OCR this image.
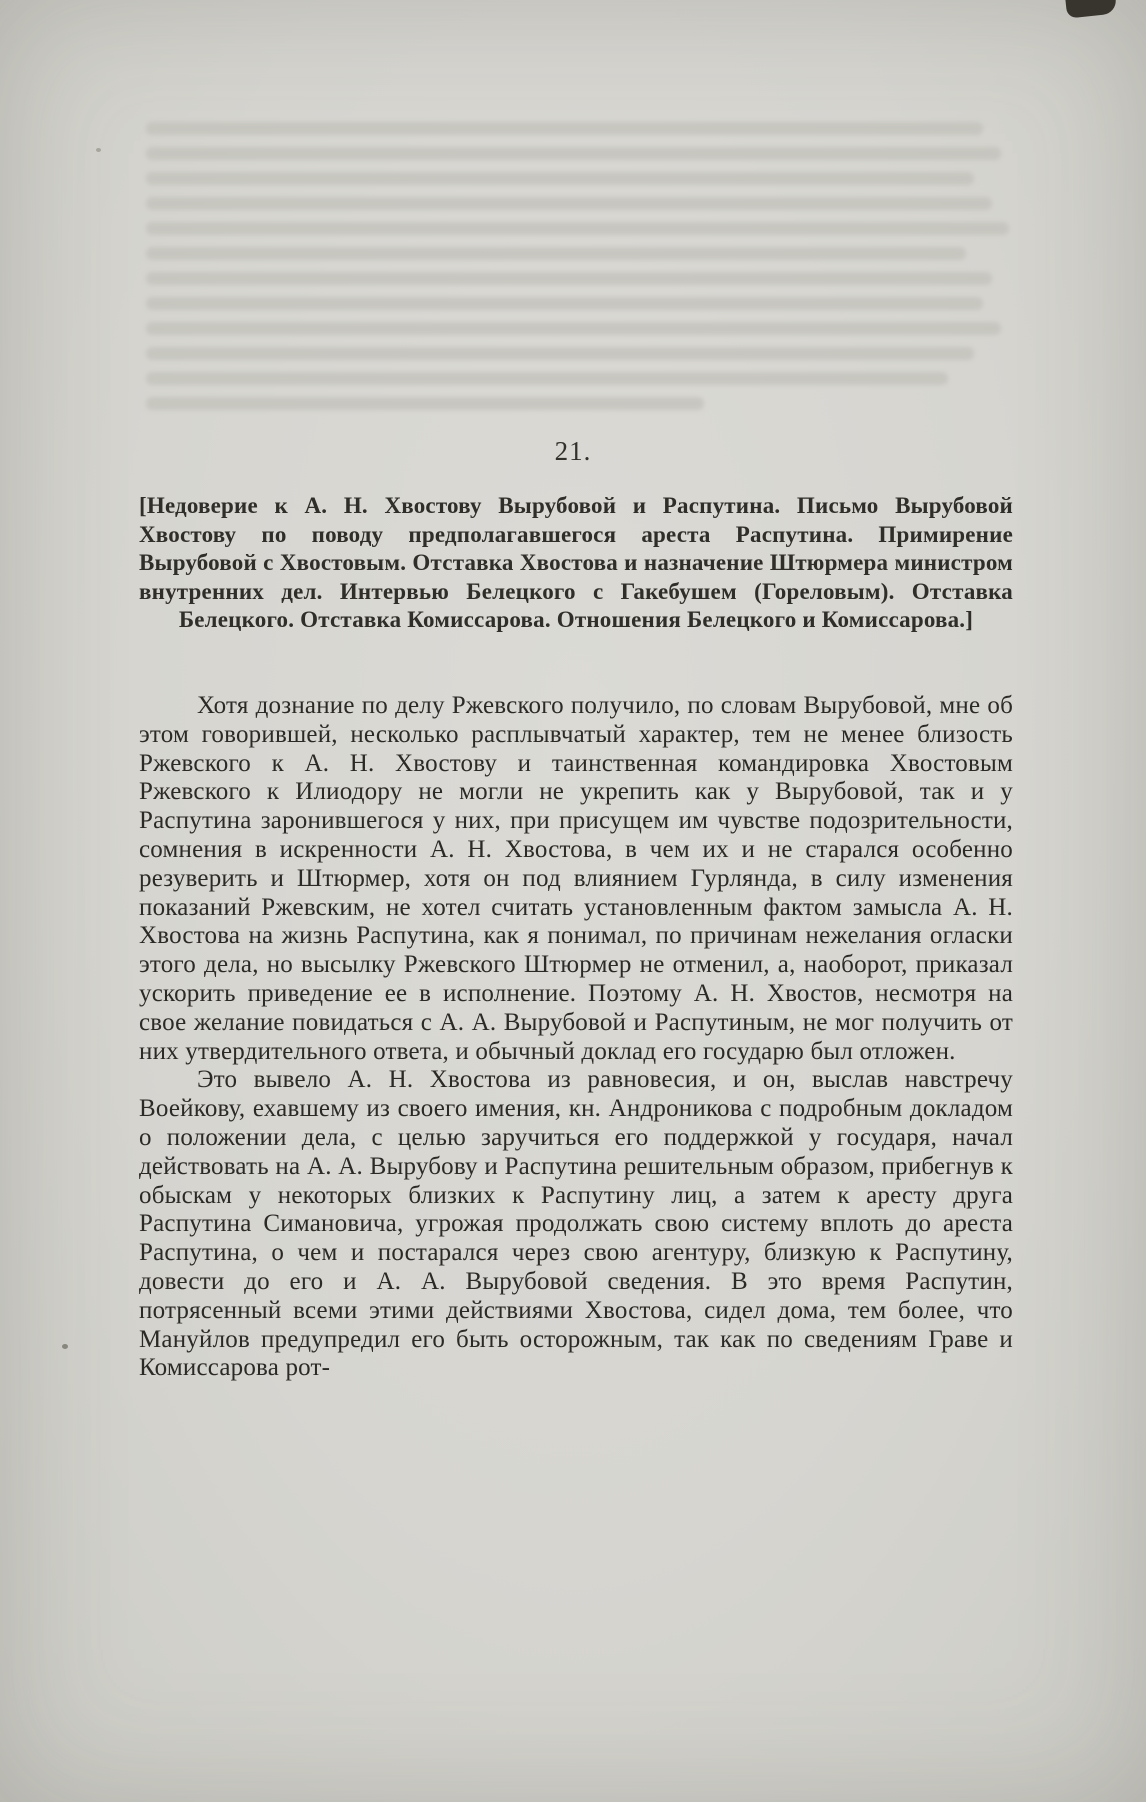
21.
[Недоверие к А. Н. Хвостову Вырубовой и Распутина. Письмо Вырубовой Хвостову по поводу предполагавшегося ареста Распутина. Примирение Вырубовой с Хвостовым. Отставка Хвостова и назначение Штюрмера министром внутренних дел. Интервью Белецкого с Гакебушем (Гореловым). Отставка Белецкого. Отставка Комиссарова. Отношения Белецкого и Комиссарова.]

Хотя дознание по делу Ржевского получило, по словам Вырубовой, мне об этом говорившей, несколько расплывчатый характер, тем не менее близость Ржевского к А. Н. Хвостову и таинственная командировка Хвостовым Ржевского к Илиодору не могли не укрепить как у Вырубовой, так и у Распутина заронившегося у них, при присущем им чувстве подозрительности, сомнения в искренности А. Н. Хвостова, в чем их и не старался особенно резуверить и Штюрмер, хотя он под влиянием Гурлянда, в силу изменения показаний Ржевским, не хотел считать установленным фактом замысла А. Н. Хвостова на жизнь Распутина, как я понимал, по причинам нежелания огласки этого дела, но высылку Ржевского Штюрмер не отменил, а, наоборот, приказал ускорить приведение ее в исполнение. Поэтому А. Н. Хвостов, несмотря на свое желание повидаться с А. А. Вырубовой и Распутиным, не мог получить от них утвердительного ответа, и обычный доклад его государю был отложен.

Это вывело А. Н. Хвостова из равновесия, и он, выслав навстречу Воейкову, ехавшему из своего имения, кн. Андроникова с подробным докладом о положении дела, с целью заручиться его поддержкой у государя, начал действовать на А. А. Вырубову и Распутина решительным образом, прибегнув к обыскам у некоторых близких к Распутину лиц, а затем к аресту друга Распутина Симановича, угрожая продолжать свою систему вплоть до ареста Распутина, о чем и постарался через свою агентуру, близкую к Распутину, довести до его и А. А. Вырубовой сведения. В это время Распутин, потрясенный всеми этими действиями Хвостова, сидел дома, тем более, что Мануйлов предупредил его быть осторожным, так как по сведениям Граве и Комиссарова рот-
